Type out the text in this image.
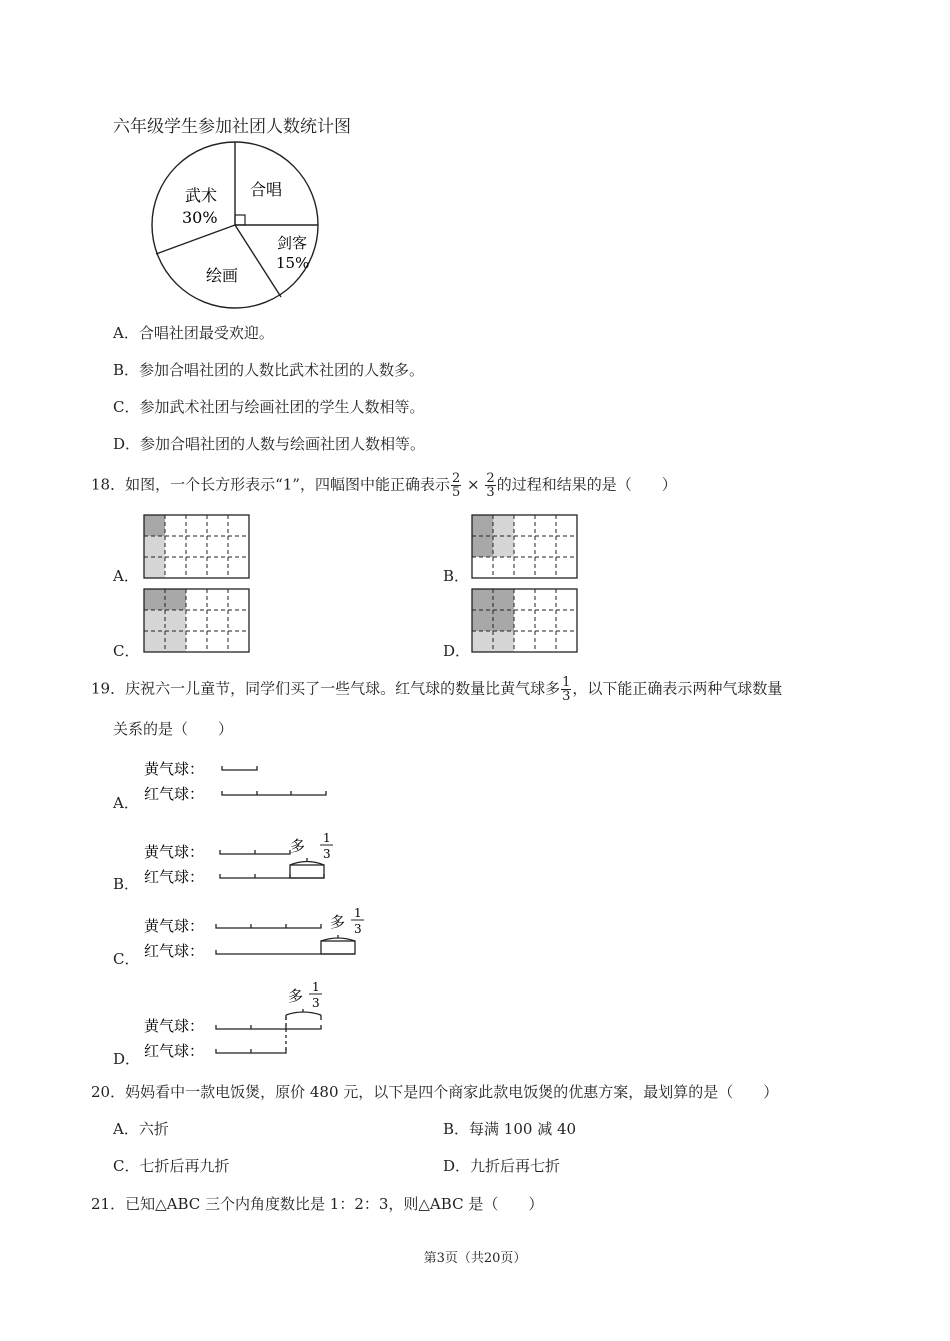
六年级学生参加社团人数统计图
合唱
剑客
15%
绘画
武术
30%
A．合唱社团最受欢迎。
B．参加合唱社团的人数比武术社团的人数多。
C．参加武术社团与绘画社团的学生人数相等。
D．参加合唱社团的人数与绘画社团人数相等。
18．如图，一个长方形表示“1”，四幅图中能正确表示 $\frac{2}{5} \times \frac{2}{3}$ 的过程和结果的是（　　）
A．	B．
C．	D．
19．庆祝六一儿童节，同学们买了一些气球。红气球的数量比黄气球多 $\frac{1}{3}$ ，以下能正确表示两种气球数量
关系的是（　　）
A．
B．
C．
D．
黄气球：
红气球：
多 1
3
黄气球：
红气球：
多 1
3
黄气球：
红气球：
多 1
3
黄气球：
红气球：
20．妈妈看中一款电饭煲，原价 480 元，以下是四个商家此款电饭煲的优惠方案，最划算的是（　　）
A．六折	B．每满 100 减 40
C．七折后再九折	D．九折后再七折
21．已知△ABC 三个内角度数比是 1：2：3，则△ABC 是（　　）
第3页（共20页）
